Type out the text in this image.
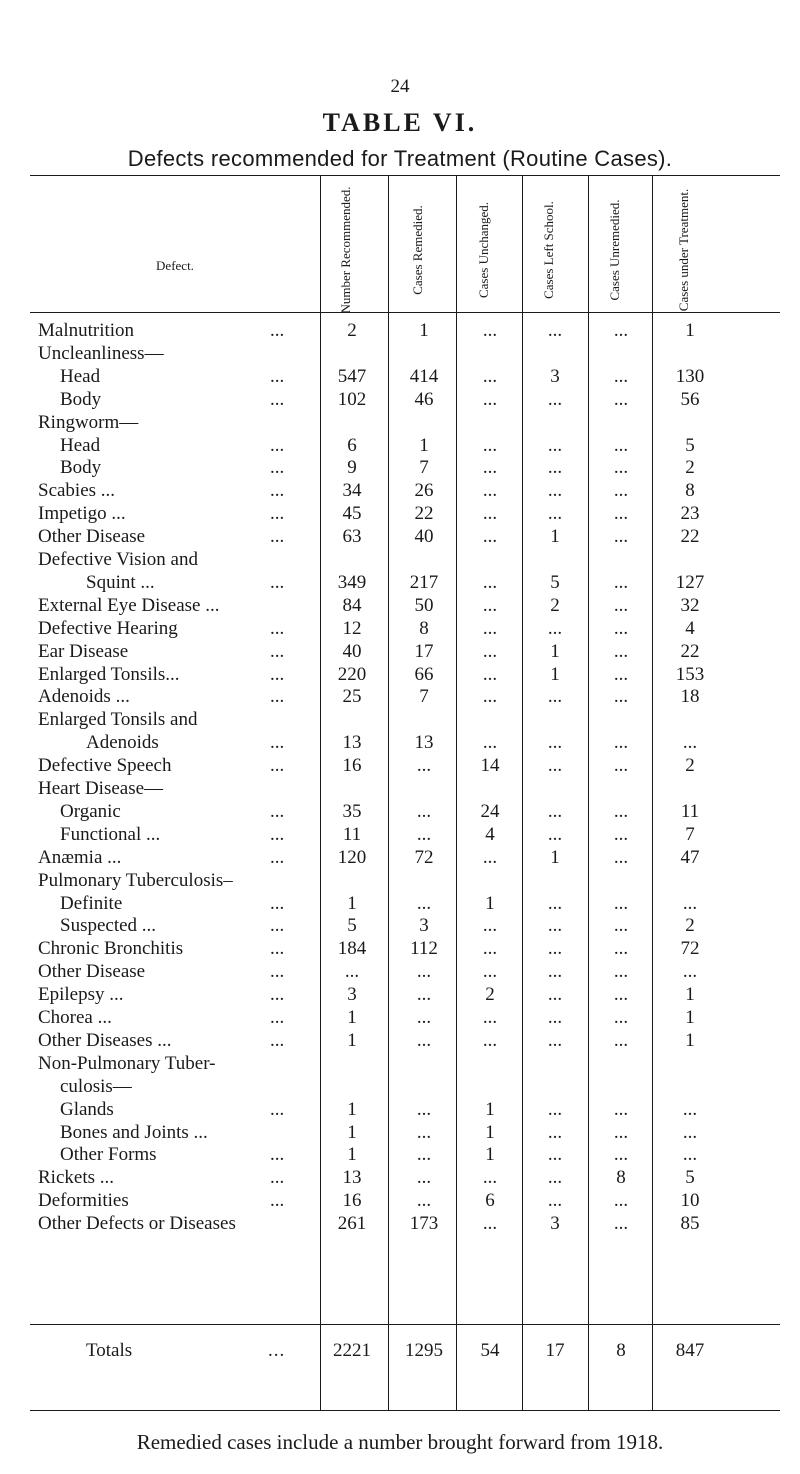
24
TABLE VI.
Defects recommended for Treatment (Routine Cases).
Defect.	Number Recommended.	Cases Remedied.	Cases Unchanged.	Cases Left School.	Cases Unremedied.	Cases under Treatment.
Malnutrition	2	1	...	...	...	1
Uncleanliness—
Head	547	414	...	3	...	130
Body	102	46	...	...	...	56
Ringworm—
Head	6	1	...	...	...	5
Body	9	7	...	...	...	2
Scabies ...	34	26	...	...	...	8
Impetigo ...	45	22	...	...	...	23
Other Disease	63	40	...	1	...	22
Defective Vision and
Squint ...	349	217	...	5	...	127
External Eye Disease ...	84	50	...	2	...	32
Defective Hearing	12	8	...	...	...	4
Ear Disease	40	17	...	1	...	22
Enlarged Tonsils...	220	66	...	1	...	153
Adenoids ...	25	7	...	...	...	18
Enlarged Tonsils and
Adenoids	13	13	...	...	...	...
Defective Speech	16	...	14	...	...	2
Heart Disease—
Organic	35	...	24	...	...	11
Functional ...	11	...	4	...	...	7
Anæmia ...	120	72	...	1	...	47
Pulmonary Tuberculosis–
Definite	1	...	1	...	...	...
Suspected ...	5	3	...	...	...	2
Chronic Bronchitis	184	112	...	...	...	72
Other Disease	...	...	...	...	...	...
Epilepsy ...	3	...	2	...	...	1
Chorea ...	1	...	...	...	...	1
Other Diseases ...	1	...	...	...	...	1
Non-Pulmonary Tuber-
culosis—
Glands	1	...	1	...	...	...
Bones and Joints ...	1	...	1	...	...	...
Other Forms	1	...	1	...	...	...
Rickets ...	13	...	...	...	8	5
Deformities	16	...	6	...	...	10
Other Defects or Diseases	261	173	...	3	...	85
Totals	...	2221	1295	54	17	8	847
...
...
...
...
...
...
...
...
...
...
...
...
...
...
...
...
...
...
...
...
...
...
...
...
...
...
...
...
...
Remedied cases include a number brought forward from 1918.
